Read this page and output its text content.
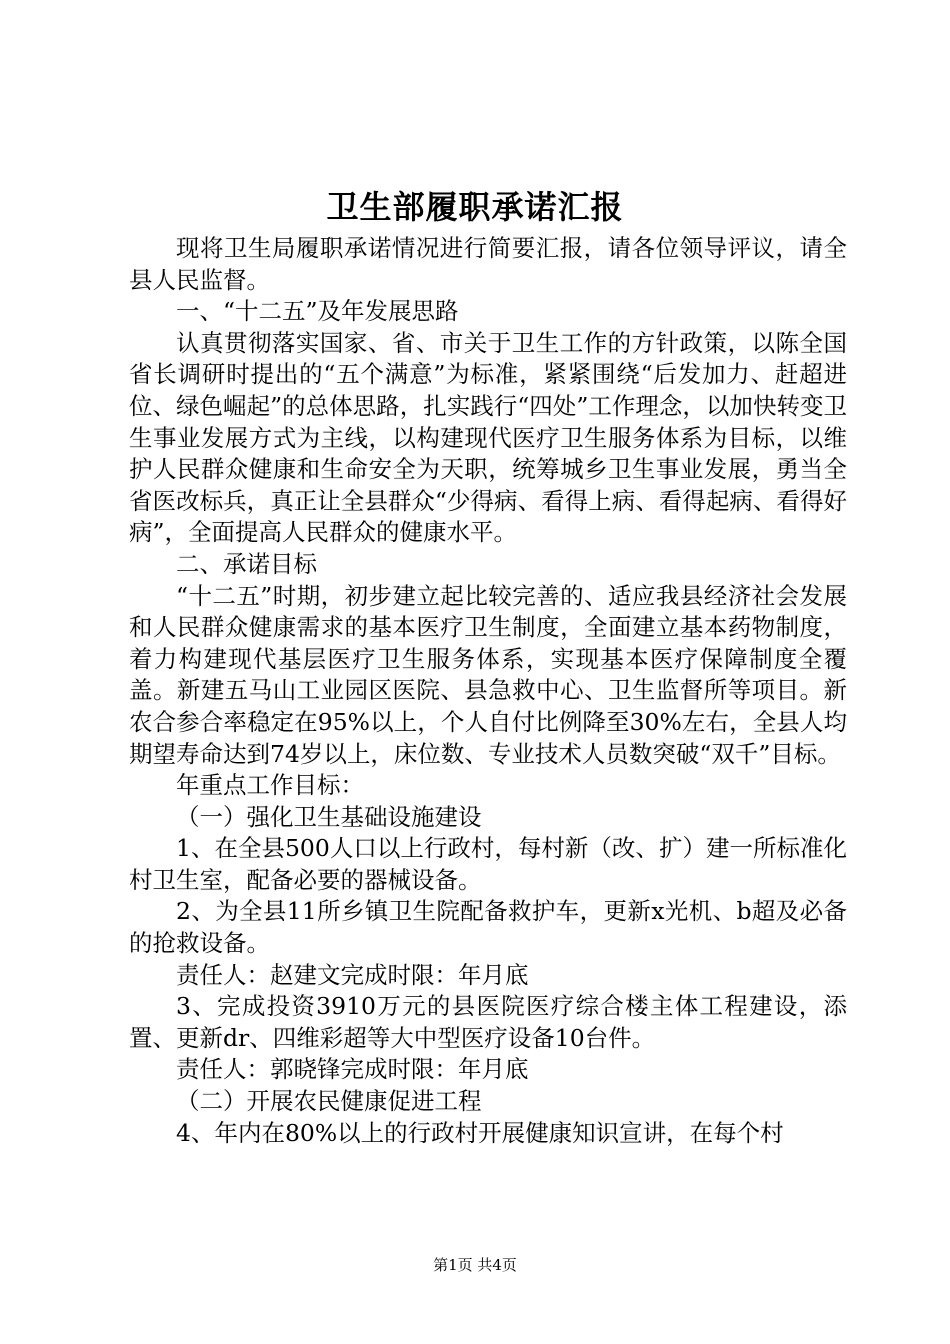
卫生部履职承诺汇报

现将卫生局履职承诺情况进行简要汇报，请各位领导评议，请全县人民监督。

一、“十二五”及年发展思路

认真贯彻落实国家、省、市关于卫生工作的方针政策，以陈全国省长调研时提出的“五个满意”为标准，紧紧围绕“后发加力、赶超进位、绿色崛起”的总体思路，扎实践行“四处”工作理念，以加快转变卫生事业发展方式为主线，以构建现代医疗卫生服务体系为目标，以维护人民群众健康和生命安全为天职，统筹城乡卫生事业发展，勇当全省医改标兵，真正让全县群众“少得病、看得上病、看得起病、看得好病”，全面提高人民群众的健康水平。

二、承诺目标

“十二五”时期，初步建立起比较完善的、适应我县经济社会发展和人民群众健康需求的基本医疗卫生制度，全面建立基本药物制度，着力构建现代基层医疗卫生服务体系，实现基本医疗保障制度全覆盖。新建五马山工业园区医院、县急救中心、卫生监督所等项目。新农合参合率稳定在95%以上，个人自付比例降至30%左右，全县人均期望寿命达到74岁以上，床位数、专业技术人员数突破“双千”目标。

年重点工作目标：

（一）强化卫生基础设施建设

1、在全县500人口以上行政村，每村新（改、扩）建一所标准化村卫生室，配备必要的器械设备。

2、为全县11所乡镇卫生院配备救护车，更新x光机、b超及必备的抢救设备。

责任人：赵建文完成时限：年月底

3、完成投资3910万元的县医院医疗综合楼主体工程建设，添置、更新dr、四维彩超等大中型医疗设备10台件。

责任人：郭晓锋完成时限：年月底

（二）开展农民健康促进工程

4、年内在80%以上的行政村开展健康知识宣讲，在每个村

第1页 共4页
